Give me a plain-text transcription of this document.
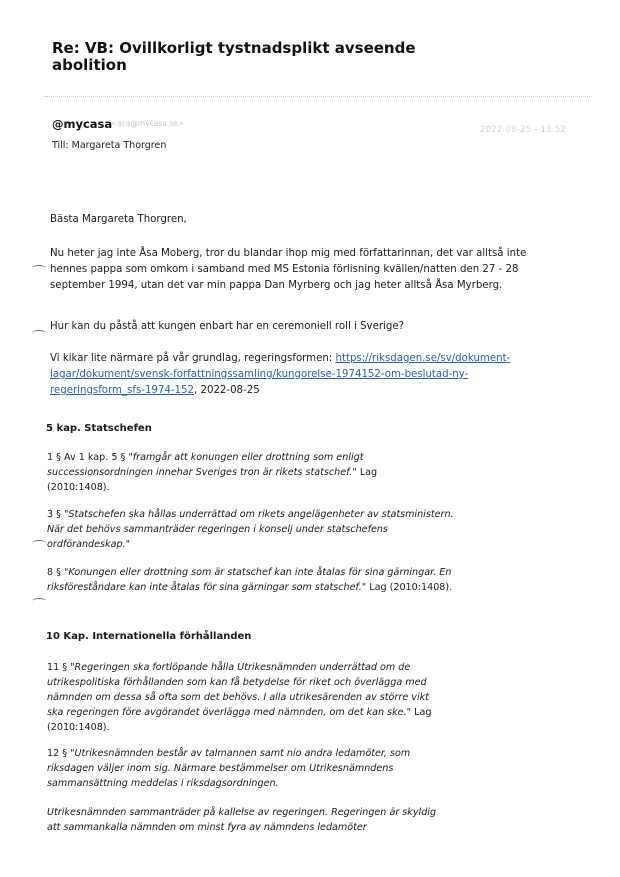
Re: VB: Ovillkorligt tystnadsplikt avseende abolition
@mycasa
<asa@mycasa.se>
2022-08-25 - 11:52
Till: Margareta Thorgren
Bästa Margareta Thorgren,
Nu heter jag inte Åsa Moberg, tror du blandar ihop mig med författarinnan, det var alltså inte hennes pappa som omkom i samband med MS Estonia förlisning kvällen/natten den 27 - 28 september 1994, utan det var min pappa Dan Myrberg och jag heter alltså Åsa Myrberg.
Hur kan du påstå att kungen enbart har en ceremoniell roll i Sverige?
Vi kikar lite närmare på vår grundlag, regeringsformen: https://riksdagen.se/sv/dokument-lagar/dokument/svensk-forfattningssamling/kungorelse-1974152-om-beslutad-ny-regeringsform_sfs-1974-152, 2022-08-25
5 kap. Statschefen
1 § Av 1 kap. 5 § "framgår att konungen eller drottning som enligt successionsordningen innehar Sveriges tron är rikets statschef." Lag (2010:1408).
3 § "Statschefen ska hållas underrättad om rikets angelägenheter av statsministern. När det behövs sammanträder regeringen i konselj under statschefens ordförandeskap."
8 § "Konungen eller drottning som är statschef kan inte åtalas för sina gärningar. En riksföreståndare kan inte åtalas för sina gärningar som statschef." Lag (2010:1408).
10 Kap. Internationella förhållanden
11 § "Regeringen ska fortlöpande hålla Utrikesnämnden underrättad om de utrikespolitiska förhållanden som kan få betydelse för riket och överlägga med nämnden om dessa så ofta som det behövs. I alla utrikesärenden av större vikt ska regeringen före avgörandet överlägga med nämnden, om det kan ske." Lag (2010:1408).
12 § "Utrikesnämnden består av talmannen samt nio andra ledamöter, som riksdagen väljer inom sig. Närmare bestämmelser om Utrikesnämndens sammansättning meddelas i riksdagsordningen.
Utrikesnämnden sammanträder på kallelse av regeringen. Regeringen är skyldig att sammankalla nämnden om minst fyra av nämndens ledamöter
